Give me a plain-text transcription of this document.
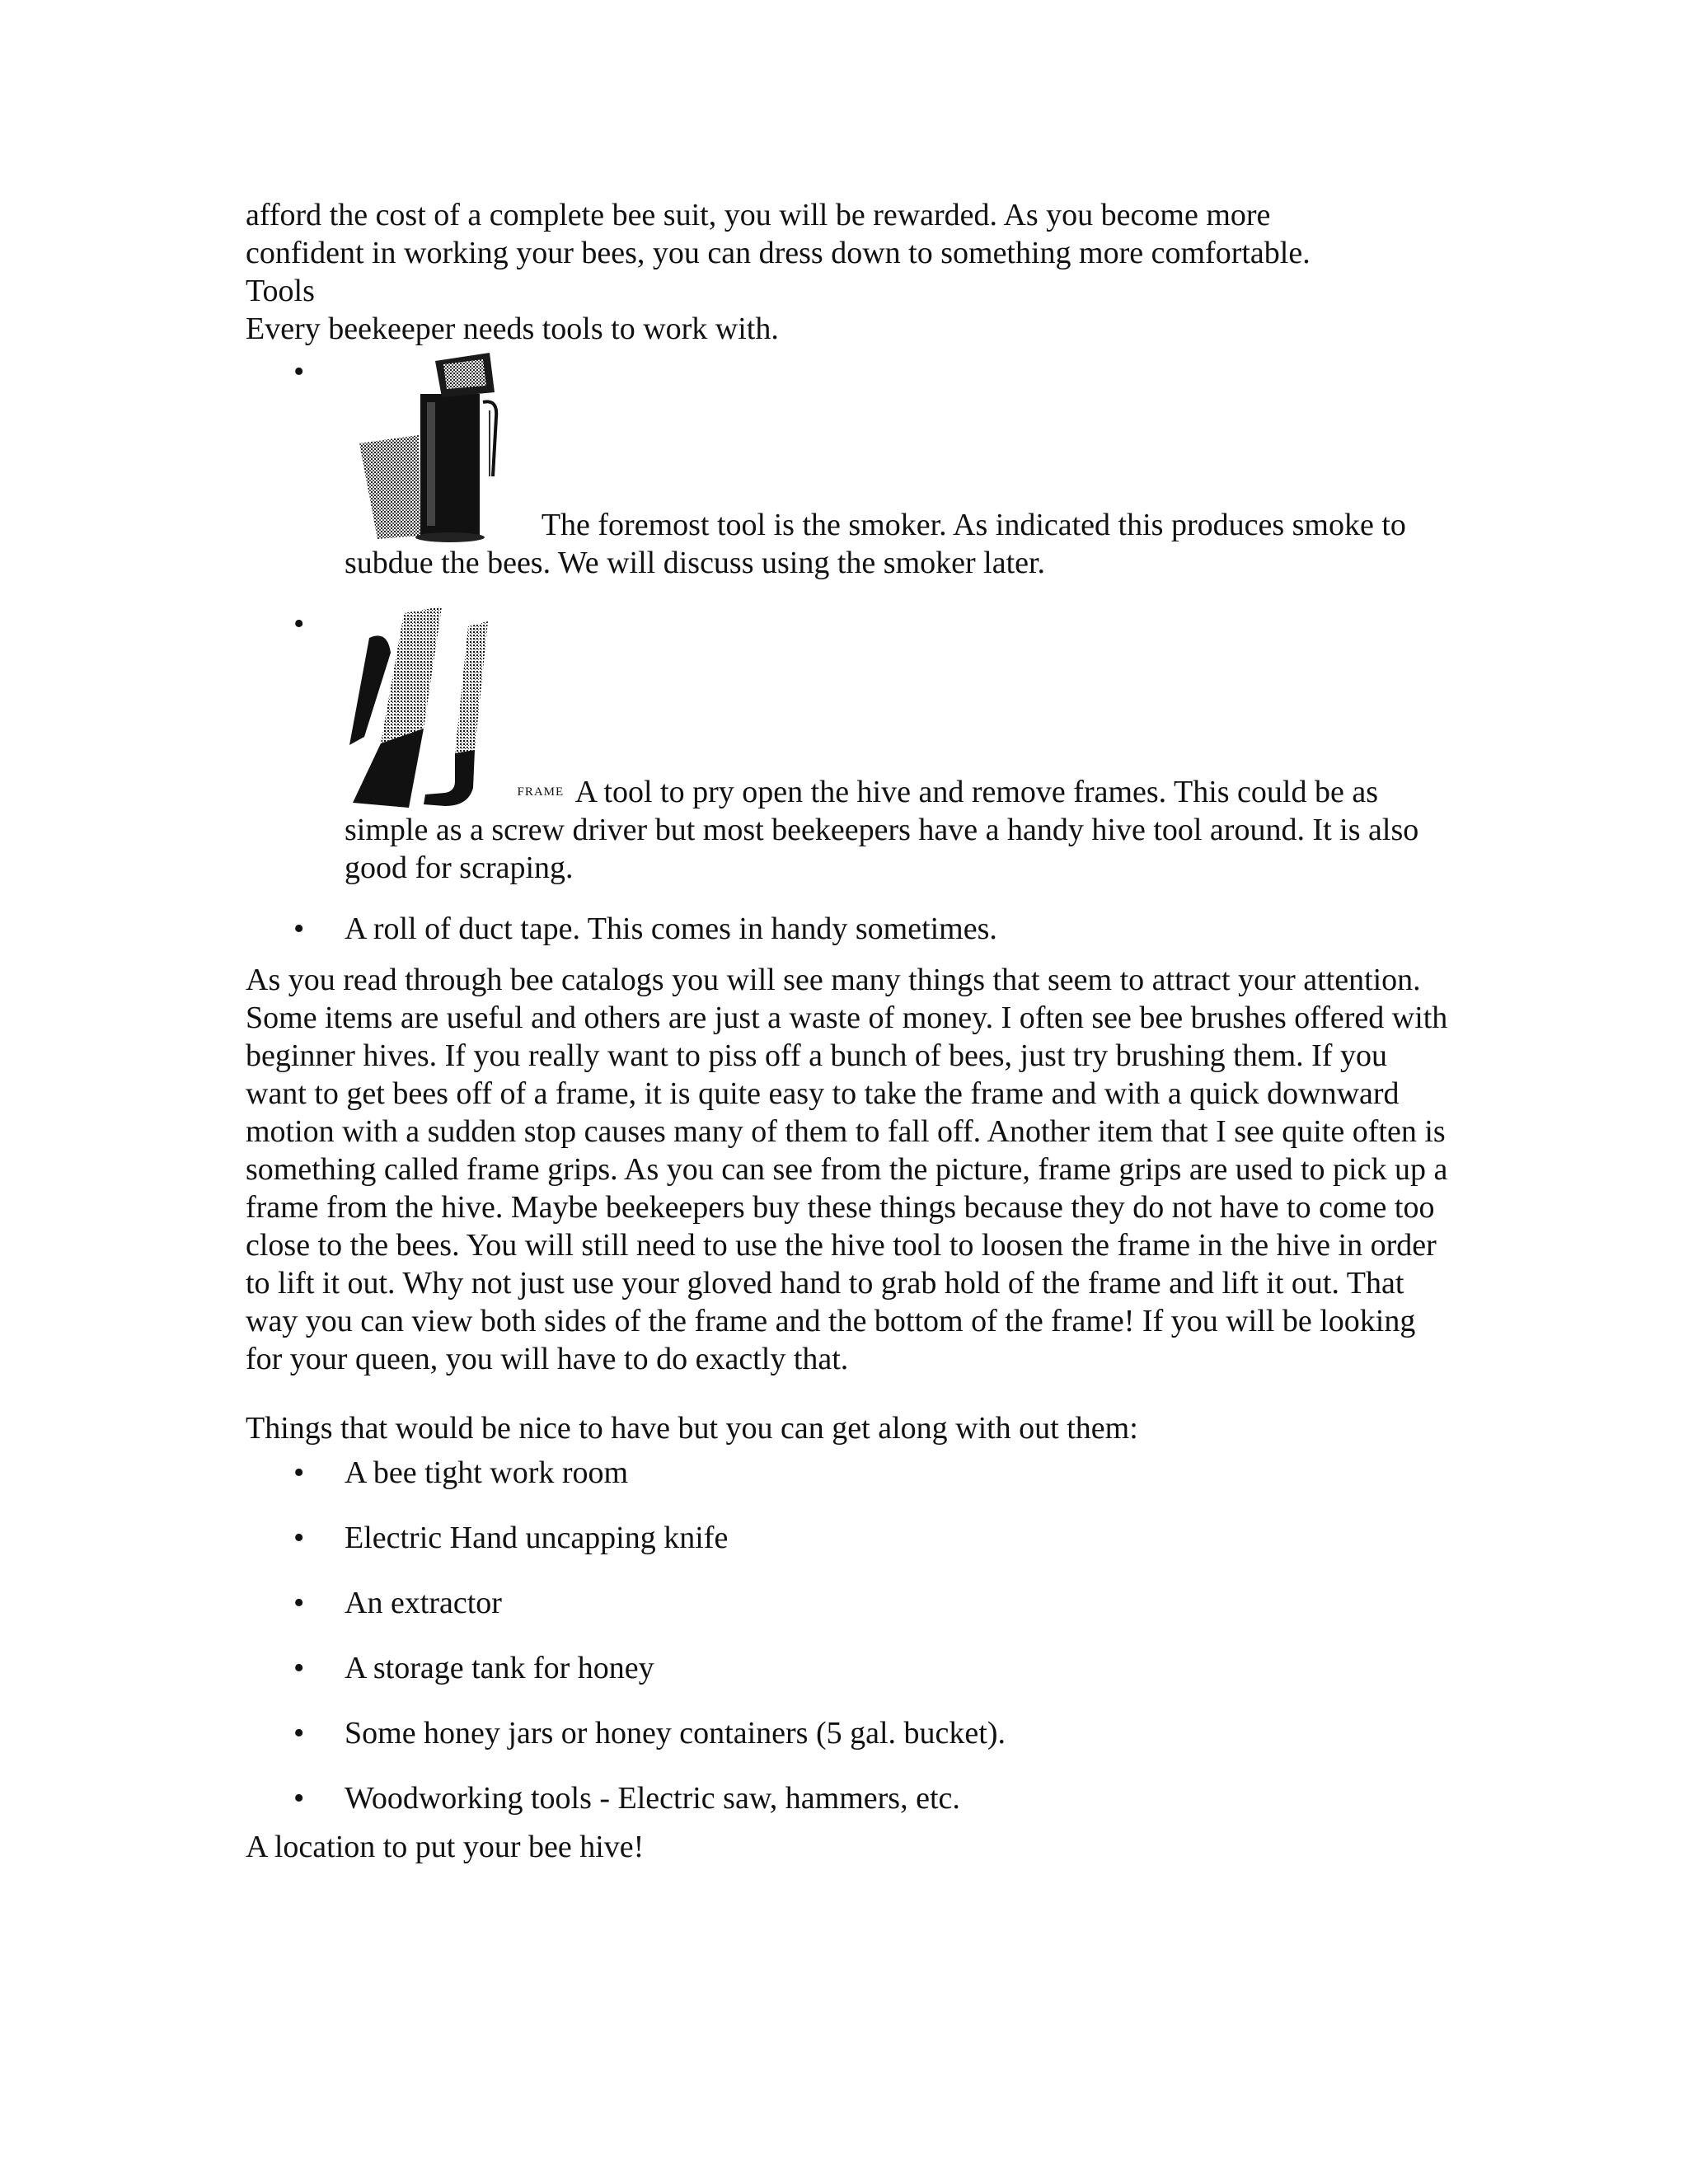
afford the cost of a complete bee suit, you will be rewarded. As you become more

confident in working your bees, you can dress down to something more comfortable.

Tools

Every beekeeper needs tools to work with.

• The foremost tool is the smoker. As indicated this produces smoke to subdue the bees. We will discuss using the smoker later.
• FRAME A tool to pry open the hive and remove frames. This could be as simple as a screw driver but most beekeepers have a handy hive tool around. It is also good for scraping.
• A roll of duct tape. This comes in handy sometimes.

As you read through bee catalogs you will see many things that seem to attract your attention. Some items are useful and others are just a waste of money. I often see bee brushes offered with beginner hives. If you really want to piss off a bunch of bees, just try brushing them. If you want to get bees off of a frame, it is quite easy to take the frame and with a quick downward motion with a sudden stop causes many of them to fall off. Another item that I see quite often is something called frame grips. As you can see from the picture, frame grips are used to pick up a frame from the hive. Maybe beekeepers buy these things because they do not have to come too close to the bees. You will still need to use the hive tool to loosen the frame in the hive in order to lift it out. Why not just use your gloved hand to grab hold of the frame and lift it out. That way you can view both sides of the frame and the bottom of the frame! If you will be looking for your queen, you will have to do exactly that.

Things that would be nice to have but you can get along with out them:

• A bee tight work room
• Electric Hand uncapping knife
• An extractor
• A storage tank for honey
• Some honey jars or honey containers (5 gal. bucket).
• Woodworking tools - Electric saw, hammers, etc.

A location to put your bee hive!
